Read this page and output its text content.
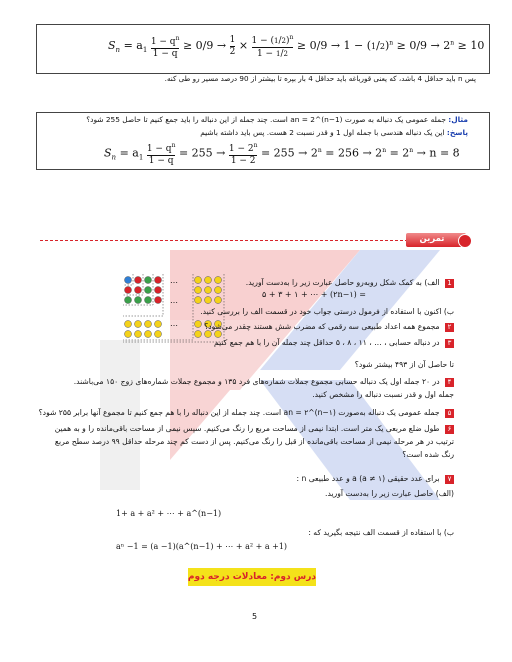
$S_n = a_1 \frac{1 - q^n}{1 - q} \ge 0/9 \to \frac{1}{2} \times \frac{1 - (1/2)^n}{1 - 1/2} \ge 0/9 \to 1 - (1/2)^n \ge 0/9 \to 2^n \ge 10$
پس n باید حداقل 4 باشد، که یعنی قورباغه باید حداقل 4 بار بپره تا بیشتر از 90 درصد مسیر رو طی کنه.
مثال: جمله عمومی یک دنباله به صورت an = 2^(n−1) است. چند جمله از این دنباله را باید جمع کنیم تا حاصل 255 شود؟
پاسخ: این یک دنباله هندسی با جمله اول 1 و قدر نسبت 2 هست. پس باید داشته باشیم
$S_n = a_1 \frac{1 - q^n}{1 - q} = 255 \to \frac{1 - 2^n}{1 - 2} = 255 \to 2^n = 256 \to 2^n = 2^n \to n = 8$
تمرین
…
…
…
1 الف) به کمک شکل روبه‌رو حاصل عبارت زیر را به‌دست آورید.
= (۲n−۱) + ⋯ + ۵ + ۳ + ۱
ب) اکنون با استفاده از فرمول درستی جواب خود در قسمت الف را بررسی کنید.
۲ مجموع همه اعداد طبیعی سه رقمی که مضرب شش هستند چقدر می‌شود؟
۳ در دنباله حسابی ، … ، ۱۱ ، ۸ ، ۵ حداقل چند جمله آن را با هم جمع کنیم
تا حاصل آن از ۴۹۳ بیشتر شود؟
۴ در ۲۰ جمله اول یک دنباله حسابی مجموع جملات شماره‌های فرد ۱۳۵ و مجموع جملات شماره‌های زوج ۱۵۰ می‌باشند.
جمله اول و قدر نسبت دنباله را مشخص کنید.
۵ جمله عمومی یک دنباله به‌صورت an = ۲^(n−۱) است. چند جمله از این دنباله را با هم جمع کنیم تا مجموع آنها برابر ۲۵۵ شود؟
۶ طول ضلع مربعی یک متر است. ابتدا نیمی از مساحت مربع را رنگ می‌کنیم. سپس نیمی از مساحت باقی‌مانده را و به همین
ترتیب در هر مرحله نیمی از مساحت باقی‌مانده از قبل را رنگ می‌کنیم. پس از دست کم چند مرحله حداقل ۹۹ درصد سطح مربع
رنگ شده است؟
۷ برای عدد حقیقی a (a ≠ ۱) و عدد طبیعی n :
(الف) حاصل عبارت زیر را به‌دست آورید.
1+ a + a² + ⋯ + a^(n−1)
ب) با استفاده از قسمت الف نتیجه بگیرید که :
aⁿ −1 = (a −1)(a^(n−1) + ⋯ + a² + a +1)
درس دوم: معادلات درجه دوم
5
